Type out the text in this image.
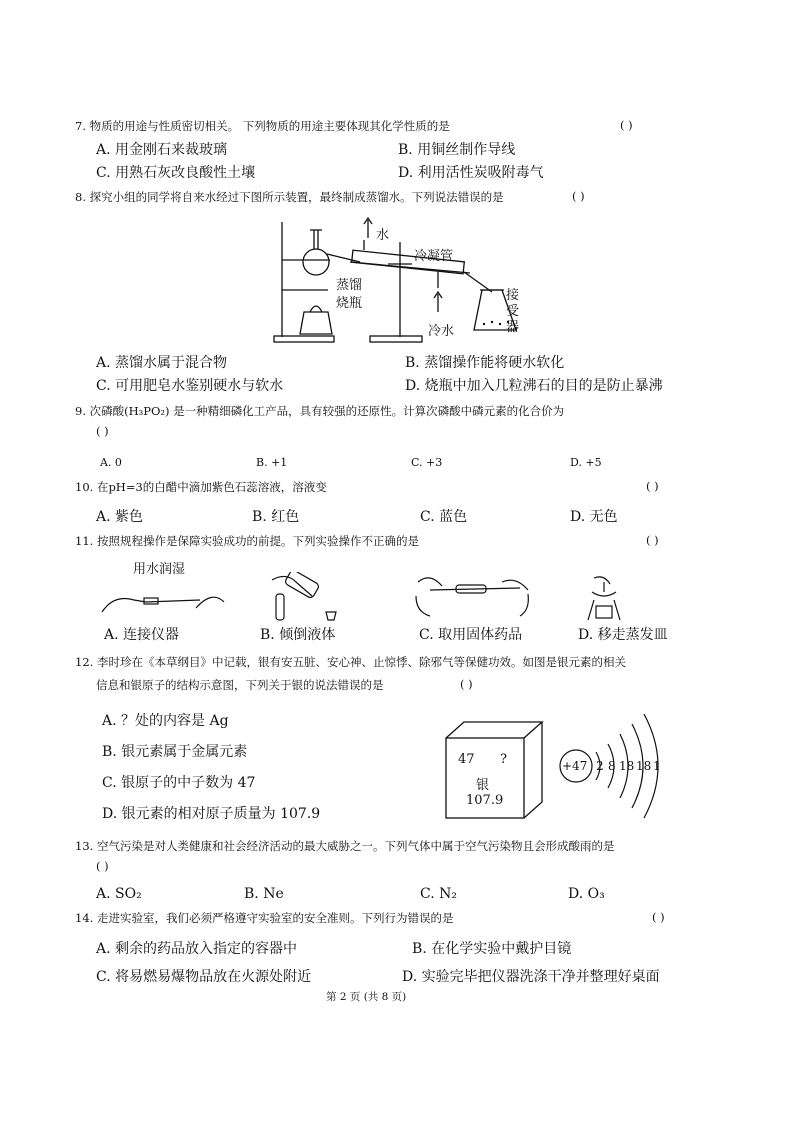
7. 物质的用途与性质密切相关。 下列物质的用途主要体现其化学性质的是	( )
A. 用金刚石来裁玻璃	B. 用铜丝制作导线
C. 用熟石灰改良酸性土壤	D. 利用活性炭吸附毒气
8. 探究小组的同学将自来水经过下图所示装置，最终制成蒸馏水。下列说法错误的是	( )
水
冷凝管
蒸馏
烧瓶
接
受
器
冷水
A. 蒸馏水属于混合物	B. 蒸馏操作能将硬水软化
C. 可用肥皂水鉴别硬水与软水	D. 烧瓶中加入几粒沸石的目的是防止暴沸
9. 次磷酸(H₃PO₂) 是一种精细磷化工产品，具有较强的还原性。计算次磷酸中磷元素的化合价为
( )
A. 0	B. +1	C. +3	D. +5
10. 在pH=3的白醋中滴加紫色石蕊溶液，溶液变	( )
A. 紫色	B. 红色	C. 蓝色	D. 无色
11. 按照规程操作是保障实验成功的前提。下列实验操作不正确的是	( )
用水润湿
A. 连接仪器	B. 倾倒液体	C. 取用固体药品	D. 移走蒸发皿
12. 李时珍在《本草纲目》中记载，银有安五脏、安心神、止惊悸、除邪气等保健功效。如图是银元素的相关
信息和银原子的结构示意图，下列关于银的说法错误的是	( )
A. ？处的内容是 Ag
B. 银元素属于金属元素
C. 银原子的中子数为 47
D. 银元素的相对原子质量为 107.9
47 ?
银
107.9
+47 2 8 18 18 1
13. 空气污染是对人类健康和社会经济活动的最大威胁之一。下列气体中属于空气污染物且会形成酸雨的是
( )
A. SO₂	B. Ne	C. N₂	D. O₃
14. 走进实验室，我们必须严格遵守实验室的安全准则。下列行为错误的是	( )
A. 剩余的药品放入指定的容器中	B. 在化学实验中戴护目镜
C. 将易燃易爆物品放在火源处附近	D. 实验完毕把仪器洗涤干净并整理好桌面
第 2 页 (共 8 页)
